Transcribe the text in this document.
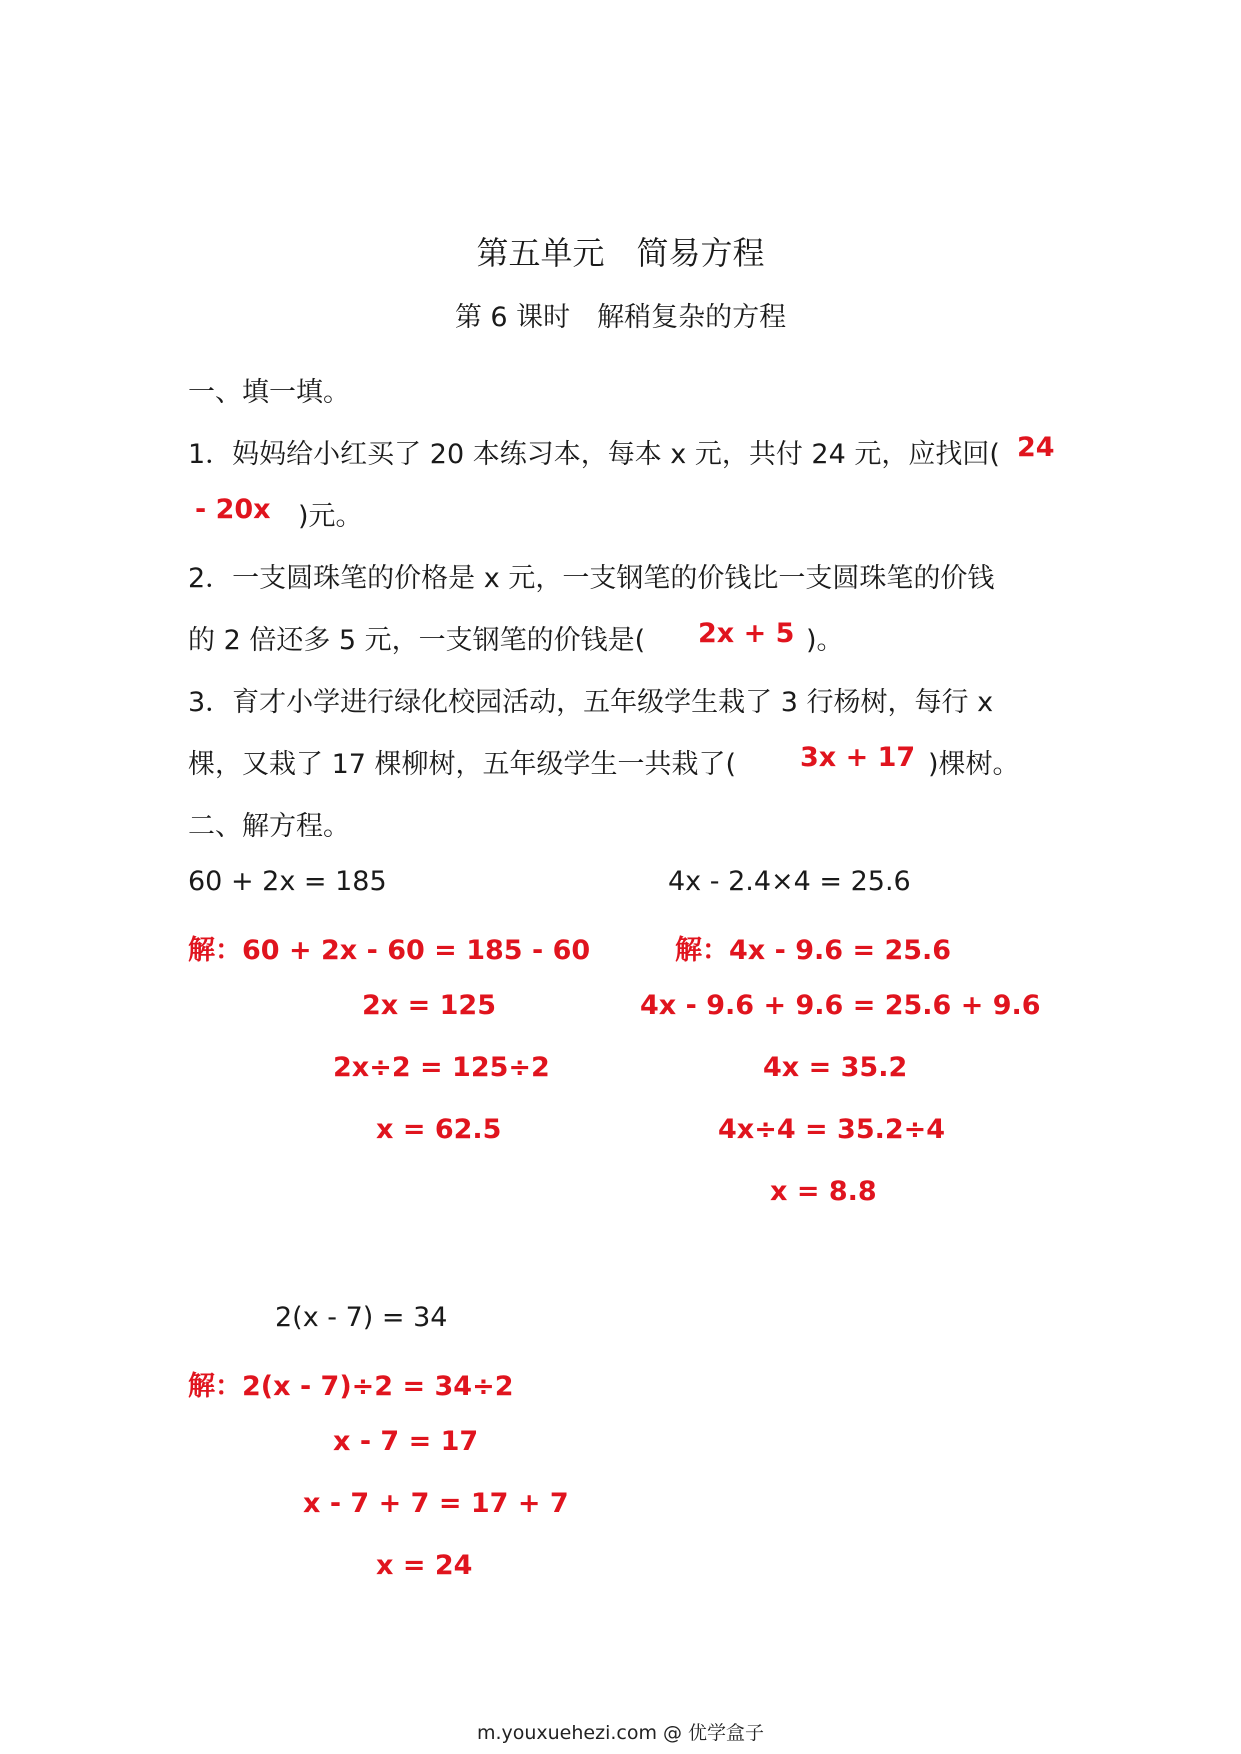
第五单元　简易方程
第 6 课时　解稍复杂的方程
一、填一填。
1．妈妈给小红买了 20 本练习本，每本 x 元，共付 24 元，应找回( 24
- 20x )元。
2．一支圆珠笔的价格是 x 元，一支钢笔的价钱比一支圆珠笔的价钱
的 2 倍还多 5 元，一支钢笔的价钱是( 2x + 5 )。
3．育才小学进行绿化校园活动，五年级学生栽了 3 行杨树，每行 x
棵，又栽了 17 棵柳树，五年级学生一共栽了( 3x + 17 )棵树。
二、解方程。
60 + 2x = 185
解：60 + 2x - 60 = 185 - 60
2x = 125
2x÷2 = 125÷2
x = 62.5
4x - 2.4×4 = 25.6
解：4x - 9.6 = 25.6
4x - 9.6 + 9.6 = 25.6 + 9.6
4x = 35.2
4x÷4 = 35.2÷4
x = 8.8
2(x - 7) = 34
解：2(x - 7)÷2 = 34÷2
x - 7 = 17
x - 7 + 7 = 17 + 7
x = 24
m.youxuehezi.com @ 优学盒子
